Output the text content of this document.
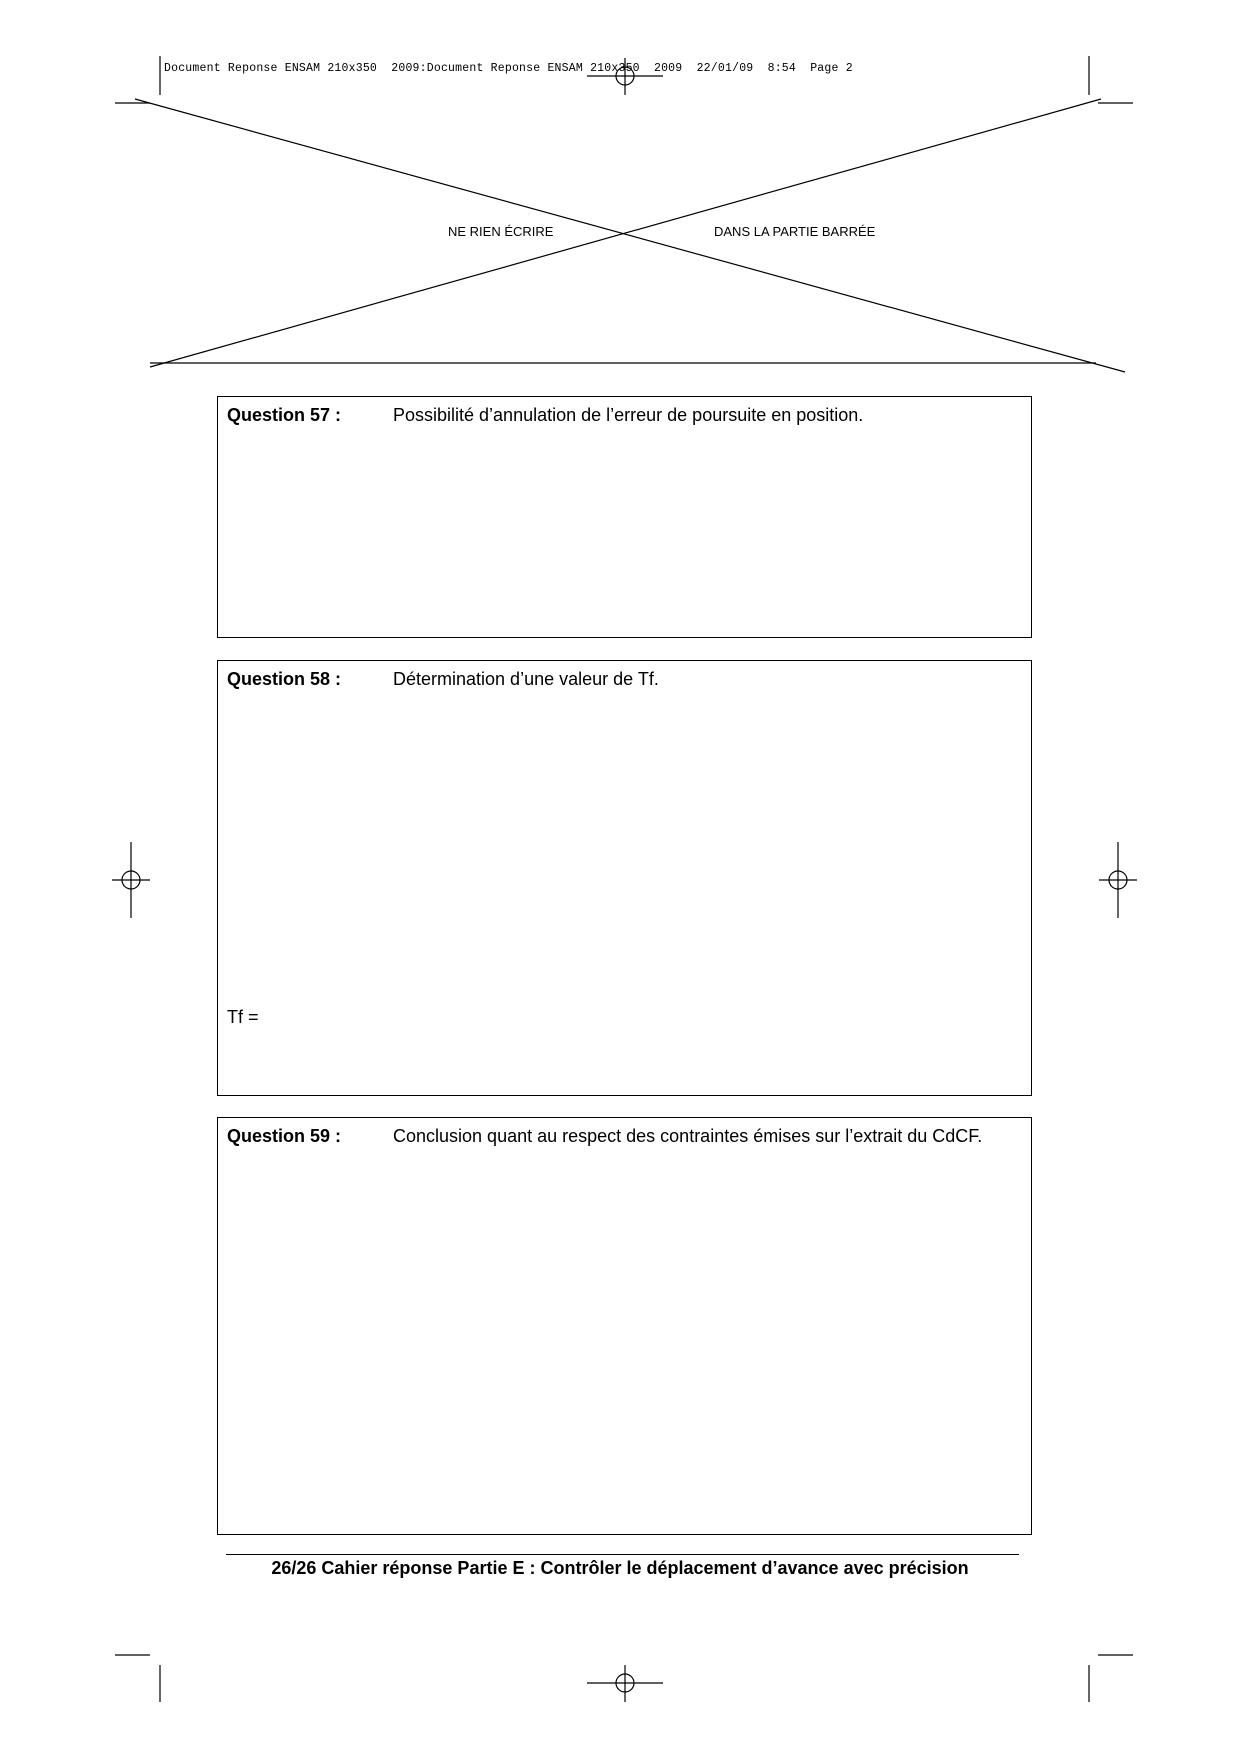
Document Reponse ENSAM 210x350  2009:Document Reponse ENSAM 210x350  2009  22/01/09  8:54  Page 2
NE RIEN ÉCRIRE	DANS LA PARTIE BARRÉE
Question 57 :	Possibilité d’annulation de l’erreur de poursuite en position.
Question 58 :	Détermination d’une valeur de Tf.
Tf =
Question 59 :	Conclusion quant au respect des contraintes émises sur l’extrait du CdCF.
26/26 Cahier réponse Partie E : Contrôler le déplacement d’avance avec précision
